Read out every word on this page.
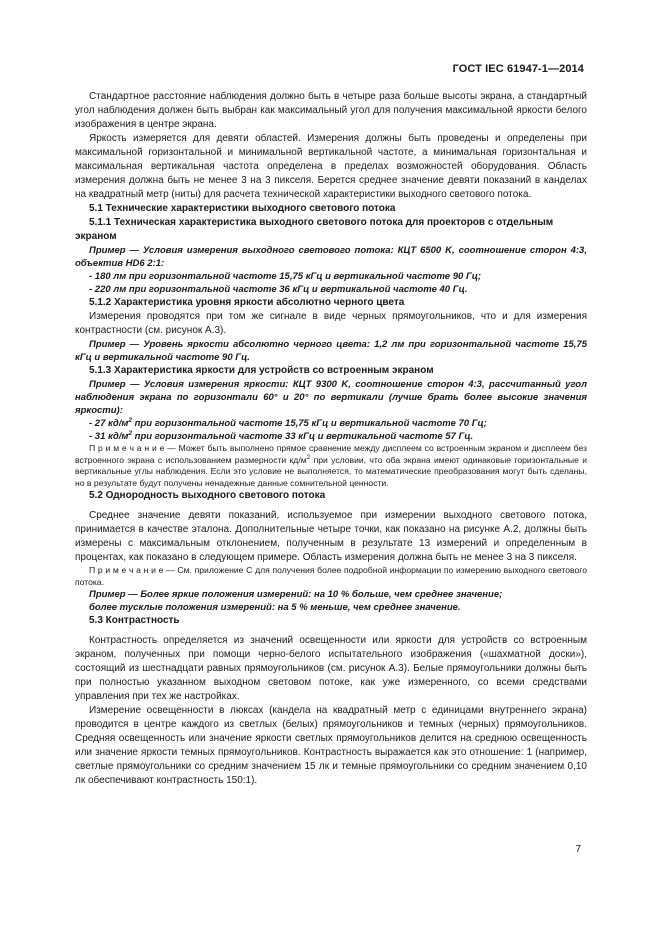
ГОСТ IEC 61947-1—2014

Стандартное расстояние наблюдения должно быть в четыре раза больше высоты экрана, а стандартный угол наблюдения должен быть выбран как максимальный угол для получения максимальной яркости белого изображения в центре экрана.

Яркость измеряется для девяти областей. Измерения должны быть проведены и определены при максимальной горизонтальной и минимальной вертикальной частоте, а минимальная горизонтальная и максимальная вертикальная частота определена в пределах возможностей оборудования. Область измерения должна быть не менее 3 на 3 пикселя. Берется среднее значение девяти показаний в канделах на квадратный метр (ниты) для расчета технической характеристики выходного светового потока.

5.1 Технические характеристики выходного светового потока

5.1.1 Техническая характеристика выходного светового потока для проекторов с отдельным экраном

Пример — Условия измерения выходного светового потока: КЦТ 6500 K, соотношение сторон 4:3, объектив HD6 2:1:

- 180 лм при горизонтальной частоте 15,75 кГц и вертикальной частоте 90 Гц;

- 220 лм при горизонтальной частоте 36 кГц и вертикальной частоте 40 Гц.

5.1.2 Характеристика уровня яркости абсолютно черного цвета

Измерения проводятся при том же сигнале в виде черных прямоугольников, что и для измерения контрастности (см. рисунок А.3).

Пример — Уровень яркости абсолютно черного цвета: 1,2 лм при горизонтальной частоте 15,75 кГц и вертикальной частоте 90 Гц.

5.1.3 Характеристика яркости для устройств со встроенным экраном

Пример — Условия измерения яркости: КЦТ 9300 K, соотношение сторон 4:3, рассчитанный угол наблюдения экрана по горизонтали 60° и 20° по вертикали (лучше брать более высокие значения яркости):

- 27 $кд/м^2$ при горизонтальной частоте 15,75 кГц и вертикальной частоте 70 Гц;

- 31 $кд/м^2$ при горизонтальной частоте 33 кГц и вертикальной частоте 57 Гц.

П р и м е ч а н и е — Может быть выполнено прямое сравнение между дисплеем со встроенным экраном и дисплеем без встроенного экрана с использованием размерности $кд/м^2$ при условии, что оба экрана имеют одинаковые горизонтальные и вертикальные углы наблюдения. Если это условие не выполняется, то математические преобразования могут быть сделаны, но в результате будут получены ненадежные данные сомнительной ценности.

5.2 Однородность выходного светового потока

Среднее значение девяти показаний, используемое при измерении выходного светового потока, принимается в качестве эталона. Дополнительные четыре точки, как показано на рисунке А.2, должны быть измерены с максимальным отклонением, полученным в результате 13 измерений и определенным в процентах, как показано в следующем примере. Область измерения должна быть не менее 3 на 3 пикселя.

П р и м е ч а н и е — См. приложение С для получения более подробной информации по измерению выходного светового потока.

Пример — Более яркие положения измерений: на 10 % больше, чем среднее значение;

более тусклые положения измерений: на 5 % меньше, чем среднее значение.

5.3 Контрастность

Контрастность определяется из значений освещенности или яркости для устройств со встроенным экраном, полученных при помощи черно-белого испытательного изображения («шахматной доски»), состоящий из шестнадцати равных прямоугольников (см. рисунок А.3). Белые прямоугольники должны быть при полностью указанном выходном световом потоке, как уже измеренного, со всеми средствами управления при тех же настройках.

Измерение освещенности в люксах (кандела на квадратный метр с единицами внутреннего экрана) проводится в центре каждого из светлых (белых) прямоугольников и темных (черных) прямоугольников. Средняя освещенность или значение яркости светлых прямоугольников делится на среднюю освещенность или значение яркости темных прямоугольников. Контрастность выражается как это отношение: 1 (например, светлые прямоугольники со средним значением 15 лк и темные прямоугольники со средним значением 0,10 лк обеспечивают контрастность 150:1).

7
